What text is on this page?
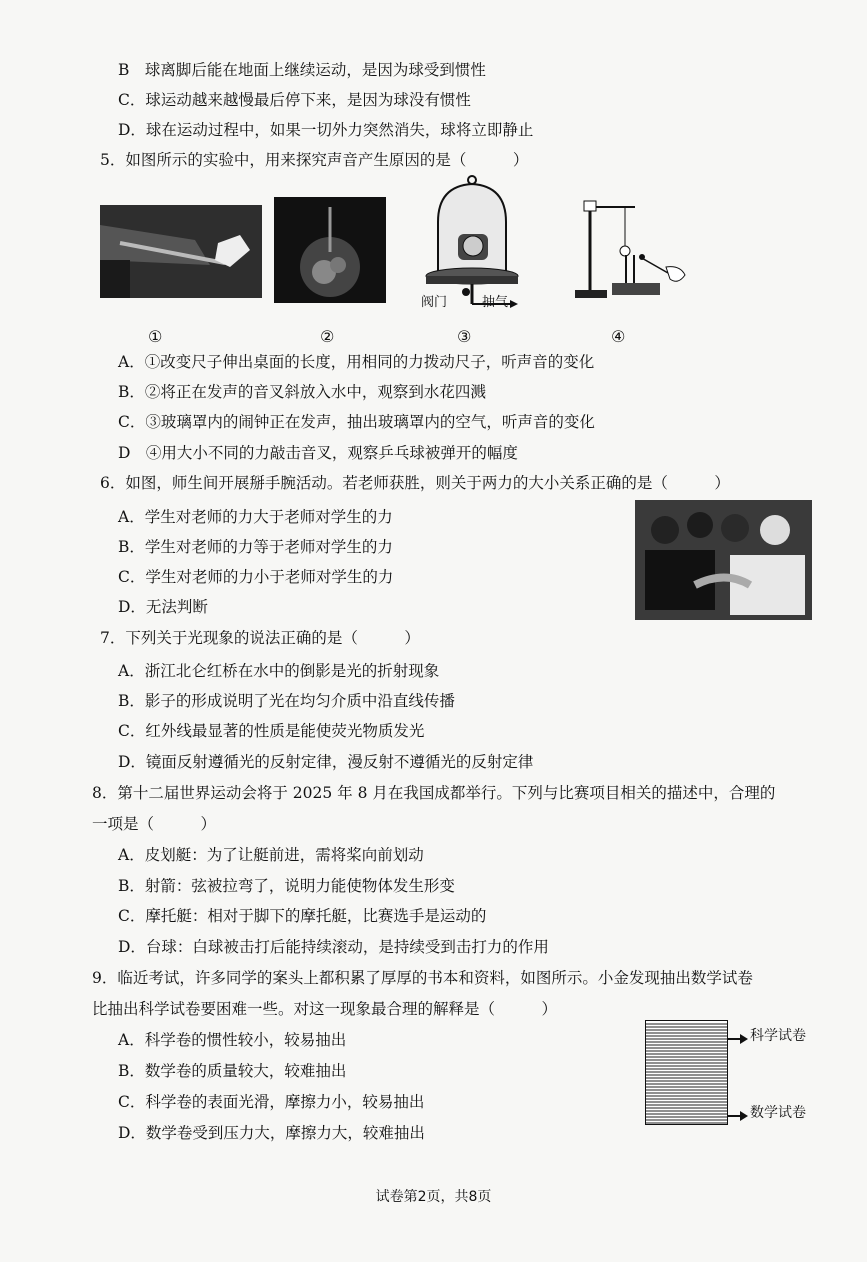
B　球离脚后能在地面上继续运动，是因为球受到惯性
C．球运动越来越慢最后停下来，是因为球没有惯性
D．球在运动过程中，如果一切外力突然消失，球将立即静止
5．如图所示的实验中，用来探究声音产生原因的是（　　　）
阀门	抽气
①	②	③	④
A．①改变尺子伸出桌面的长度，用相同的力拨动尺子，听声音的变化
B．②将正在发声的音叉斜放入水中，观察到水花四溅
C．③玻璃罩内的闹钟正在发声，抽出玻璃罩内的空气，听声音的变化
D　④用大小不同的力敲击音叉，观察乒乓球被弹开的幅度
6．如图，师生间开展掰手腕活动。若老师获胜，则关于两力的大小关系正确的是（　　　）
A．学生对老师的力大于老师对学生的力
B．学生对老师的力等于老师对学生的力
C．学生对老师的力小于老师对学生的力
D．无法判断
7．下列关于光现象的说法正确的是（　　　）
A．浙江北仑红桥在水中的倒影是光的折射现象
B．影子的形成说明了光在均匀介质中沿直线传播
C．红外线最显著的性质是能使荧光物质发光
D．镜面反射遵循光的反射定律，漫反射不遵循光的反射定律
8．第十二届世界运动会将于 2025 年 8 月在我国成都举行。下列与比赛项目相关的描述中，合理的
一项是（　　　）
A．皮划艇：为了让艇前进，需将桨向前划动
B．射箭：弦被拉弯了，说明力能使物体发生形变
C．摩托艇：相对于脚下的摩托艇，比赛选手是运动的
D．台球：白球被击打后能持续滚动，是持续受到击打力的作用
9．临近考试，许多同学的案头上都积累了厚厚的书本和资料，如图所示。小金发现抽出数学试卷
比抽出科学试卷要困难一些。对这一现象最合理的解释是（　　　）
A．科学卷的惯性较小，较易抽出
B．数学卷的质量较大，较难抽出
C．科学卷的表面光滑，摩擦力小，较易抽出
D．数学卷受到压力大，摩擦力大，较难抽出
科学试卷
数学试卷
试卷第2页，共8页
